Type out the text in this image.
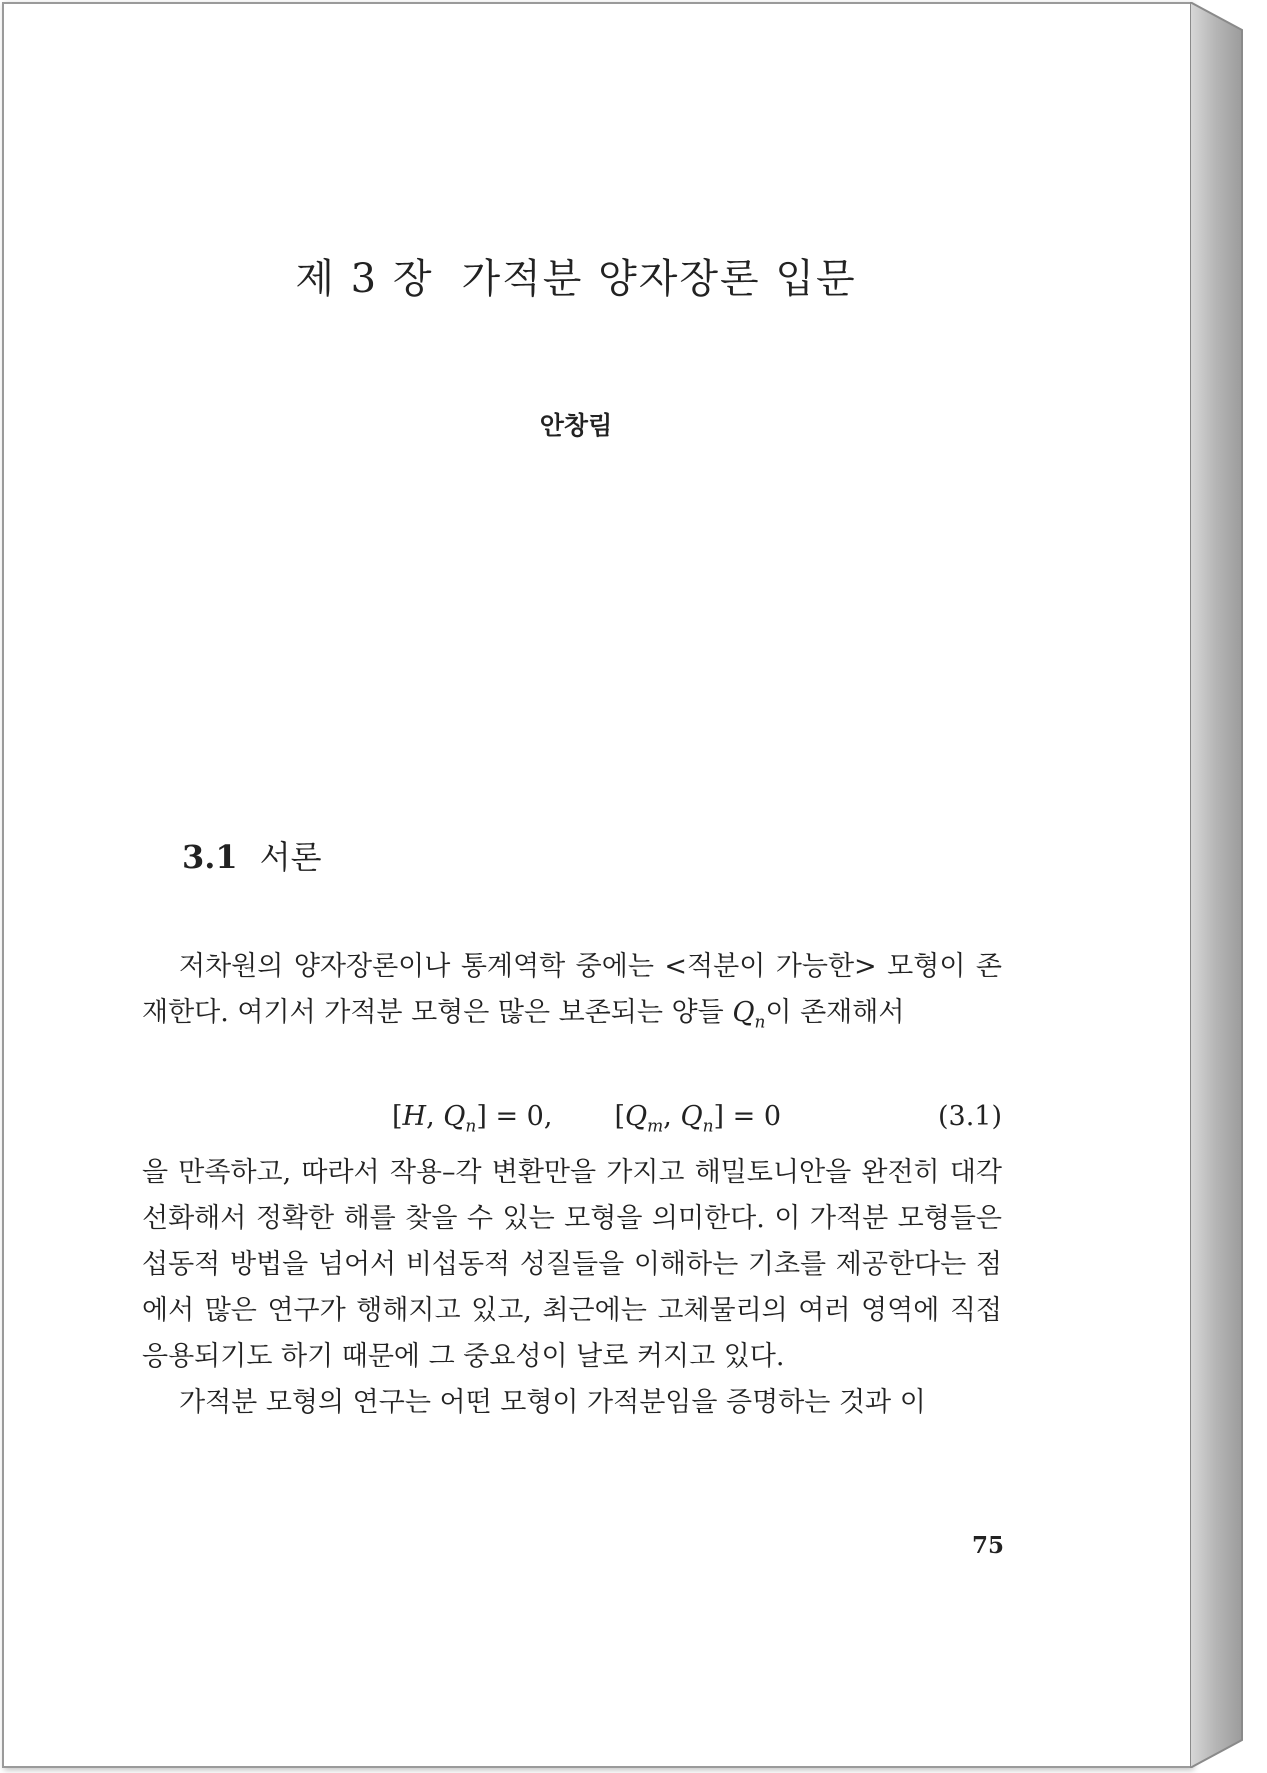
제 3 장 가적분 양자장론 입문
안창림
3.1 서론
저차원의 양자장론이나 통계역학 중에는 <적분이 가능한> 모형이 존재한다. 여기서 가적분 모형은 많은 보존되는 양들 $Q_n$이 존재해서
[H, $Q_n] = 0$, [$Q_m$, $Q_n] = 0$	(3.1)
을 만족하고, 따라서 작용–각 변환만을 가지고 해밀토니안을 완전히 대각선화해서 정확한 해를 찾을 수 있는 모형을 의미한다. 이 가적분 모형들은 섭동적 방법을 넘어서 비섭동적 성질들을 이해하는 기초를 제공한다는 점에서 많은 연구가 행해지고 있고, 최근에는 고체물리의 여러 영역에 직접 응용되기도 하기 때문에 그 중요성이 날로 커지고 있다.
가적분 모형의 연구는 어떤 모형이 가적분임을 증명하는 것과 이
75
